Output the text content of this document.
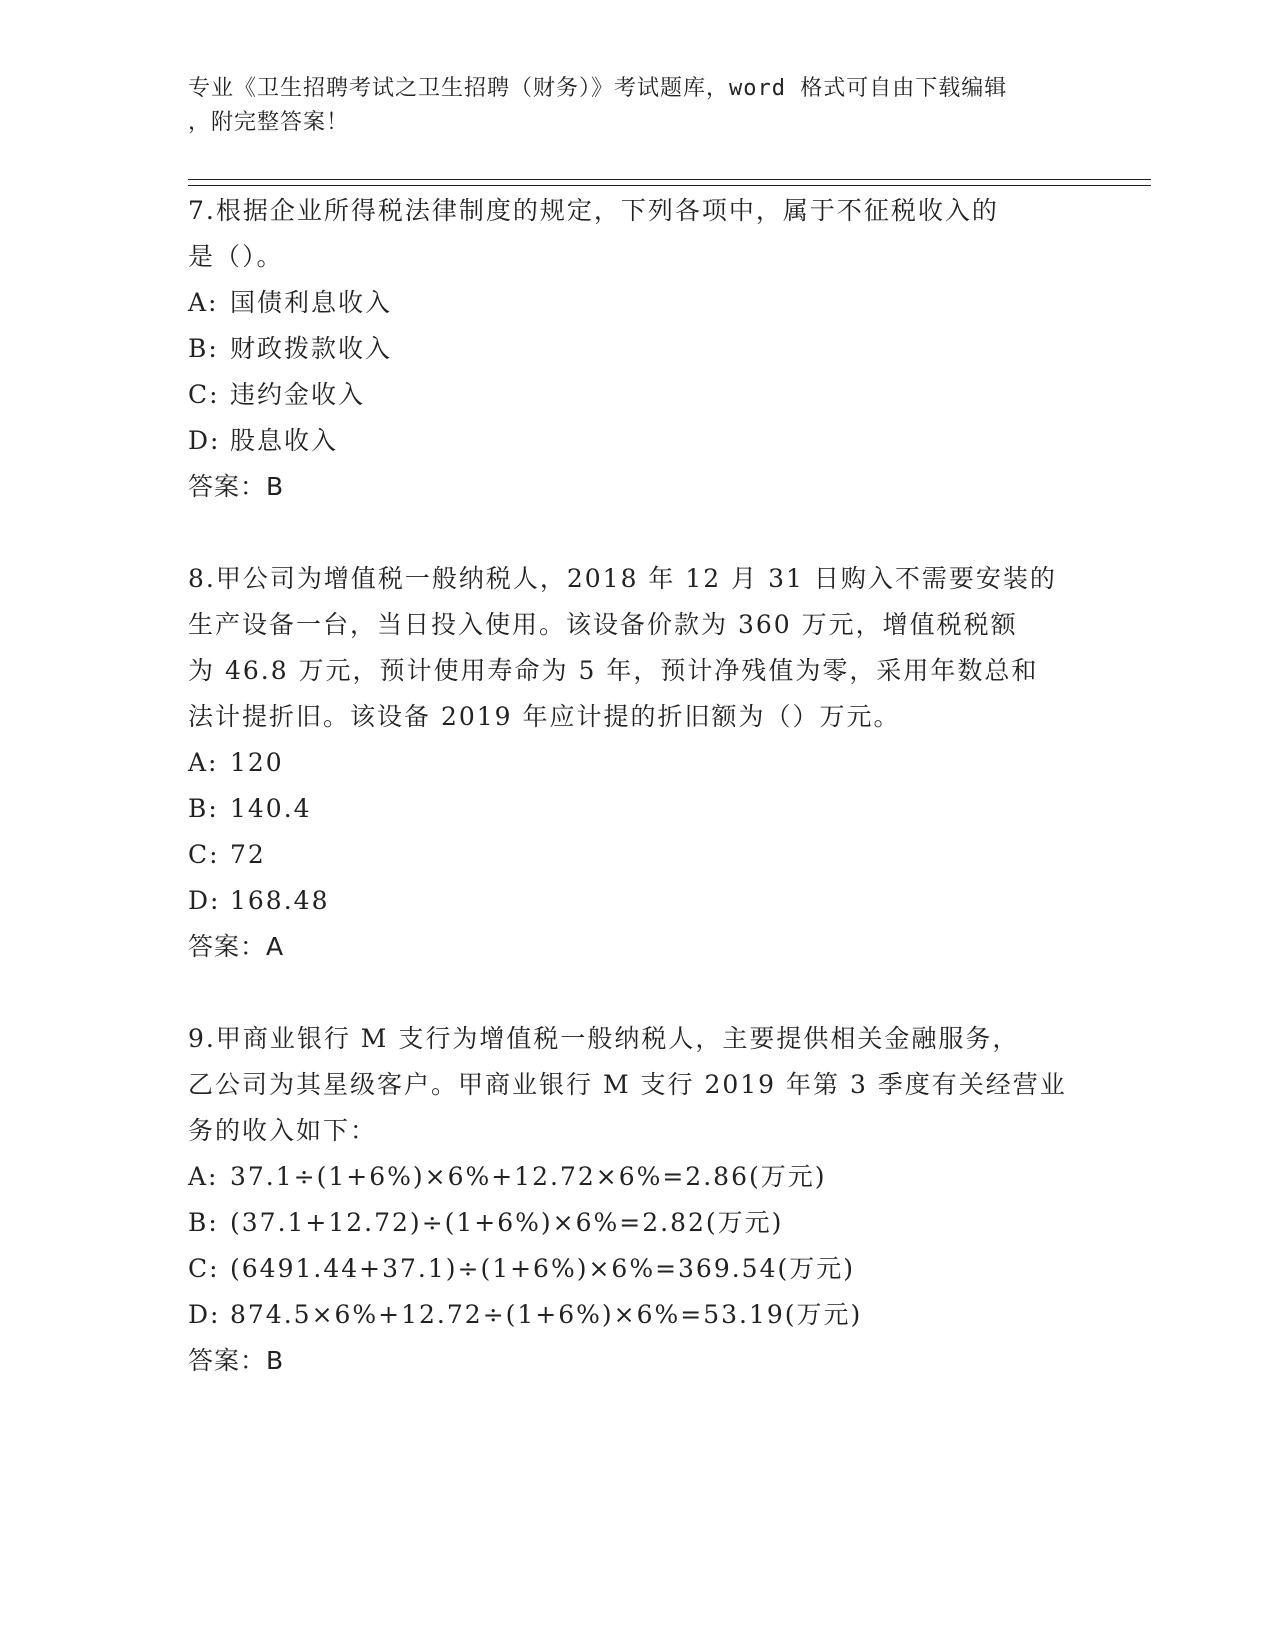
专业《卫生招聘考试之卫生招聘（财务）》考试题库，word 格式可自由下载编辑
，附完整答案！
7.根据企业所得税法律制度的规定，下列各项中，属于不征税收入的
是（）。
A: 国债利息收入
B: 财政拨款收入
C: 违约金收入
D: 股息收入
答案：B
8.甲公司为增值税一般纳税人，2018 年 12 月 31 日购入不需要安装的
生产设备一台，当日投入使用。该设备价款为 360 万元，增值税税额
为 46.8 万元，预计使用寿命为 5 年，预计净残值为零，采用年数总和
法计提折旧。该设备 2019 年应计提的折旧额为（）万元。
A: 120
B: 140.4
C: 72
D: 168.48
答案：A
9.甲商业银行 M 支行为增值税一般纳税人，主要提供相关金融服务，
乙公司为其星级客户。甲商业银行 M 支行 2019 年第 3 季度有关经营业
务的收入如下：
A: 37.1÷(1+6%)×6%+12.72×6%=2.86(万元)
B: (37.1+12.72)÷(1+6%)×6%=2.82(万元)
C: (6491.44+37.1)÷(1+6%)×6%=369.54(万元)
D: 874.5×6%+12.72÷(1+6%)×6%=53.19(万元)
答案：B
